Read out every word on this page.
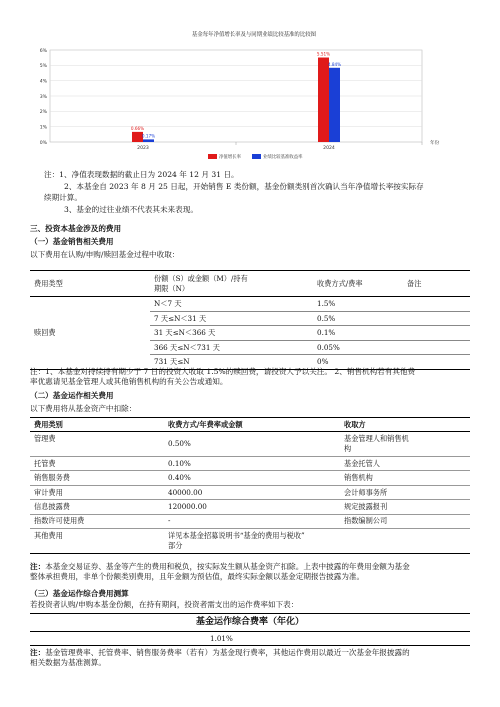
0%
1%
2%
3%
4%
5%
6%
2023
0.66%
0.17%
2024
5.51%
4.84%
年份
净值增长率	业绩比较基准收益率
基金每年净值增长率及与同期业绩比较基准的比较图
注：1、净值表现数据的截止日为 2024 年 12 月 31 日。
2、本基金自 2023 年 8 月 25 日起，开始销售 E 类份额，基金份额类别首次确认当年净值增长率按实际存
续期计算。
3、基金的过往业绩不代表其未来表现。
三、投资本基金涉及的费用
（一）基金销售相关费用
以下费用在认购/申购/赎回基金过程中收取：
费用类型	份额（S）或金额（M）/持有
期限（N）	收费方式/费率	备注
赎回费	N＜7 天	1.5%	
	7 天≤N＜31 天	0.5%	
	31 天≤N＜366 天	0.1%	
	366 天≤N＜731 天	0.05%	
	731 天≤N	0%	
注：1、本基金对持续持有期少于 7 日的投资人收取 1.5%的赎回费，请投资人予以关注。 2、销售机构若有其他费
率优惠请见基金管理人或其他销售机构的有关公告或通知。
（二）基金运作相关费用
以下费用将从基金资产中扣除：
费用类别	收费方式/年费率或金额	收取方
管理费	0.50%	基金管理人和销售机
构

托管费	0.10%	基金托管人
销售服务费	0.40%	销售机构
审计费用	40000.00	会计师事务所
信息披露费	120000.00	规定披露报刊
指数许可使用费	-	指数编制公司
其他费用	详见本基金招募说明书“基金的费用与税收”
部分	

注：本基金交易证券、基金等产生的费用和税负，按实际发生额从基金资产扣除。上表中披露的年费用金额为基金
整体承担费用，非单个份额类别费用，且年金额为预估值，最终实际金额以基金定期报告披露为准。
（三）基金运作综合费用测算
若投资者认购/申购本基金份额，在持有期间，投资者需支出的运作费率如下表：
基金运作综合费率（年化）
1.01%
注：基金管理费率、托管费率、销售服务费率（若有）为基金现行费率，其他运作费用以最近一次基金年报披露的
相关数据为基准测算。
